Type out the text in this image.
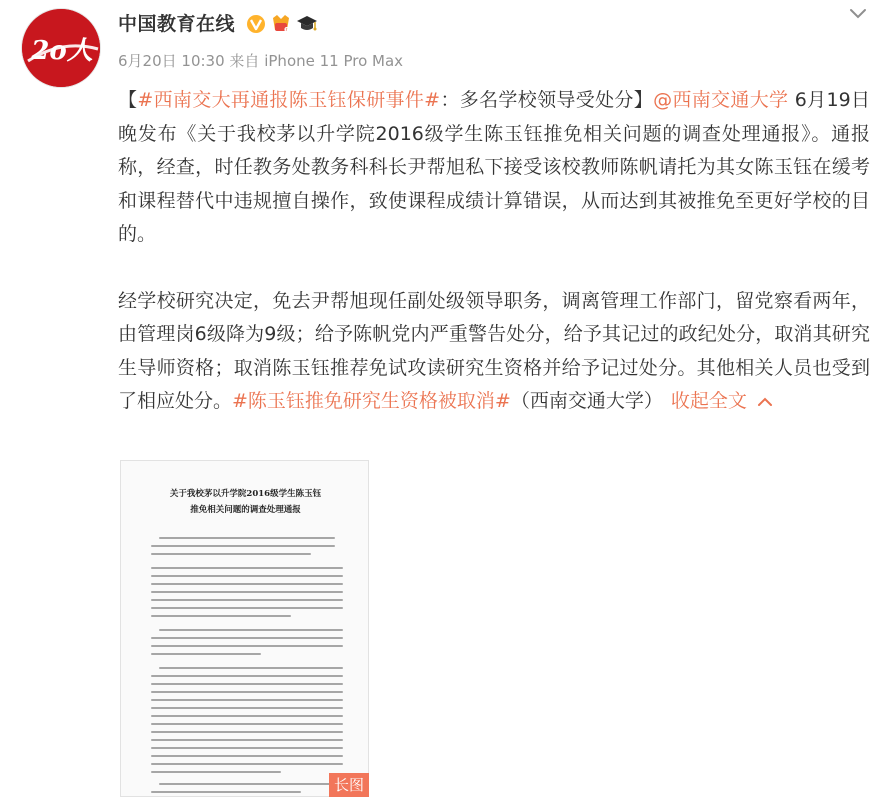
2o人
中国教育在线	6
6月20日 10:30 来自 iPhone 11 Pro Max

【#西南交大再通报陈玉钰保研事件#：多名学校领导受处分】@西南交通大学 6月19日晚发布《关于我校茅以升学院2016级学生陈玉钰推免相关问题的调查处理通报》。通报称，经查，时任教务处教务科科长尹帮旭私下接受该校教师陈帆请托为其女陈玉钰在缓考和课程替代中违规擅自操作，致使课程成绩计算错误，从而达到其被推免至更好学校的目的。

经学校研究决定，免去尹帮旭现任副处级领导职务，调离管理工作部门，留党察看两年，由管理岗6级降为9级；给予陈帆党内严重警告处分，给予其记过的政纪处分，取消其研究生导师资格；取消陈玉钰推荐免试攻读研究生资格并给予记过处分。其他相关人员也受到了相应处分。#陈玉钰推免研究生资格被取消#（西南交通大学） 收起全文

关于我校茅以升学院2016级学生陈玉钰
推免相关问题的调查处理通报
长图
